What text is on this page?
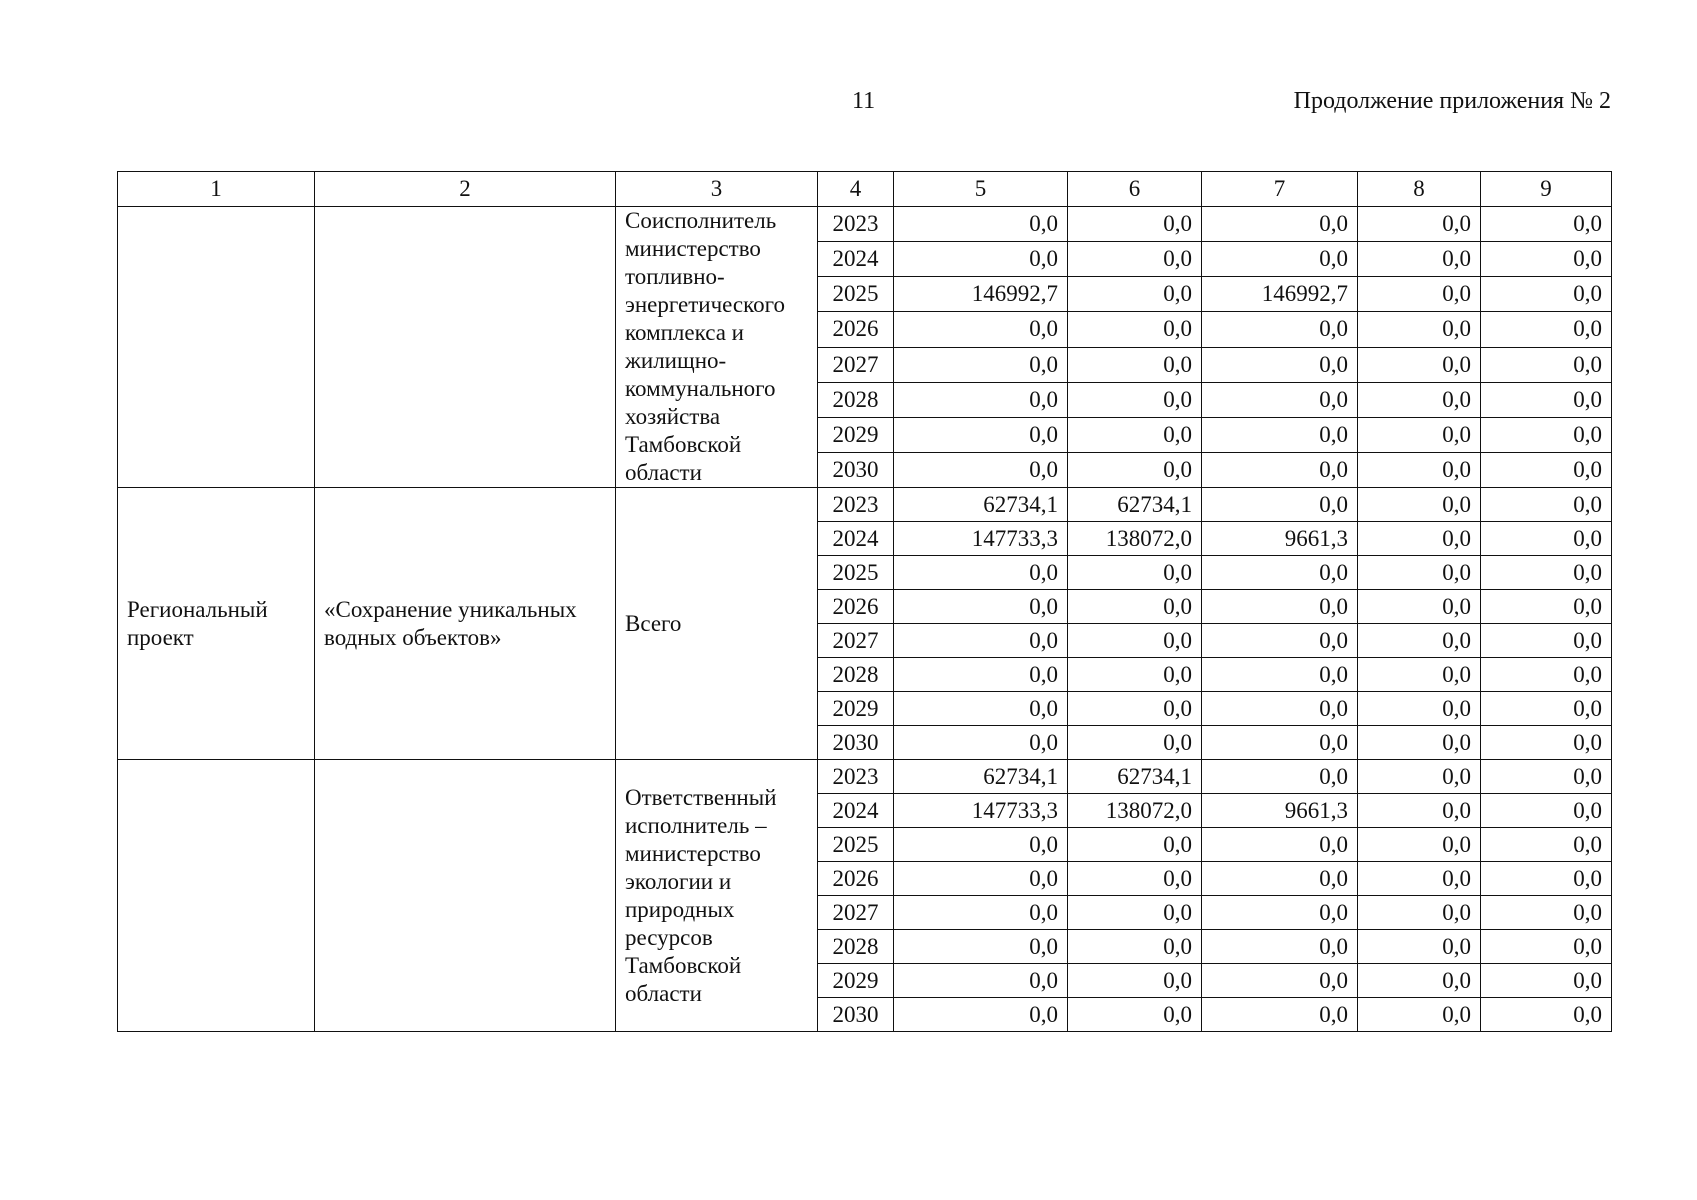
11	Продолжение приложения № 2
1	2	3	4	5	6	7	8	9
		Соисполнитель министерство топливно-энергетического комплекса и жилищно-коммунального хозяйства Тамбовской области	2023	0,0	0,0	0,0	0,0	0,0
			2024	0,0	0,0	0,0	0,0	0,0
			2025	146992,7	0,0	146992,7	0,0	0,0
			2026	0,0	0,0	0,0	0,0	0,0
			2027	0,0	0,0	0,0	0,0	0,0
			2028	0,0	0,0	0,0	0,0	0,0
			2029	0,0	0,0	0,0	0,0	0,0
			2030	0,0	0,0	0,0	0,0	0,0
Региональный проект	«Сохранение уникальных водных объектов»	Всего	2023	62734,1	62734,1	0,0	0,0	0,0
			2024	147733,3	138072,0	9661,3	0,0	0,0
			2025	0,0	0,0	0,0	0,0	0,0
			2026	0,0	0,0	0,0	0,0	0,0
			2027	0,0	0,0	0,0	0,0	0,0
			2028	0,0	0,0	0,0	0,0	0,0
			2029	0,0	0,0	0,0	0,0	0,0
			2030	0,0	0,0	0,0	0,0	0,0
		Ответственный исполнитель – министерство экологии и природных ресурсов Тамбовской области	2023	62734,1	62734,1	0,0	0,0	0,0
			2024	147733,3	138072,0	9661,3	0,0	0,0
			2025	0,0	0,0	0,0	0,0	0,0
			2026	0,0	0,0	0,0	0,0	0,0
			2027	0,0	0,0	0,0	0,0	0,0
			2028	0,0	0,0	0,0	0,0	0,0
			2029	0,0	0,0	0,0	0,0	0,0
			2030	0,0	0,0	0,0	0,0	0,0
